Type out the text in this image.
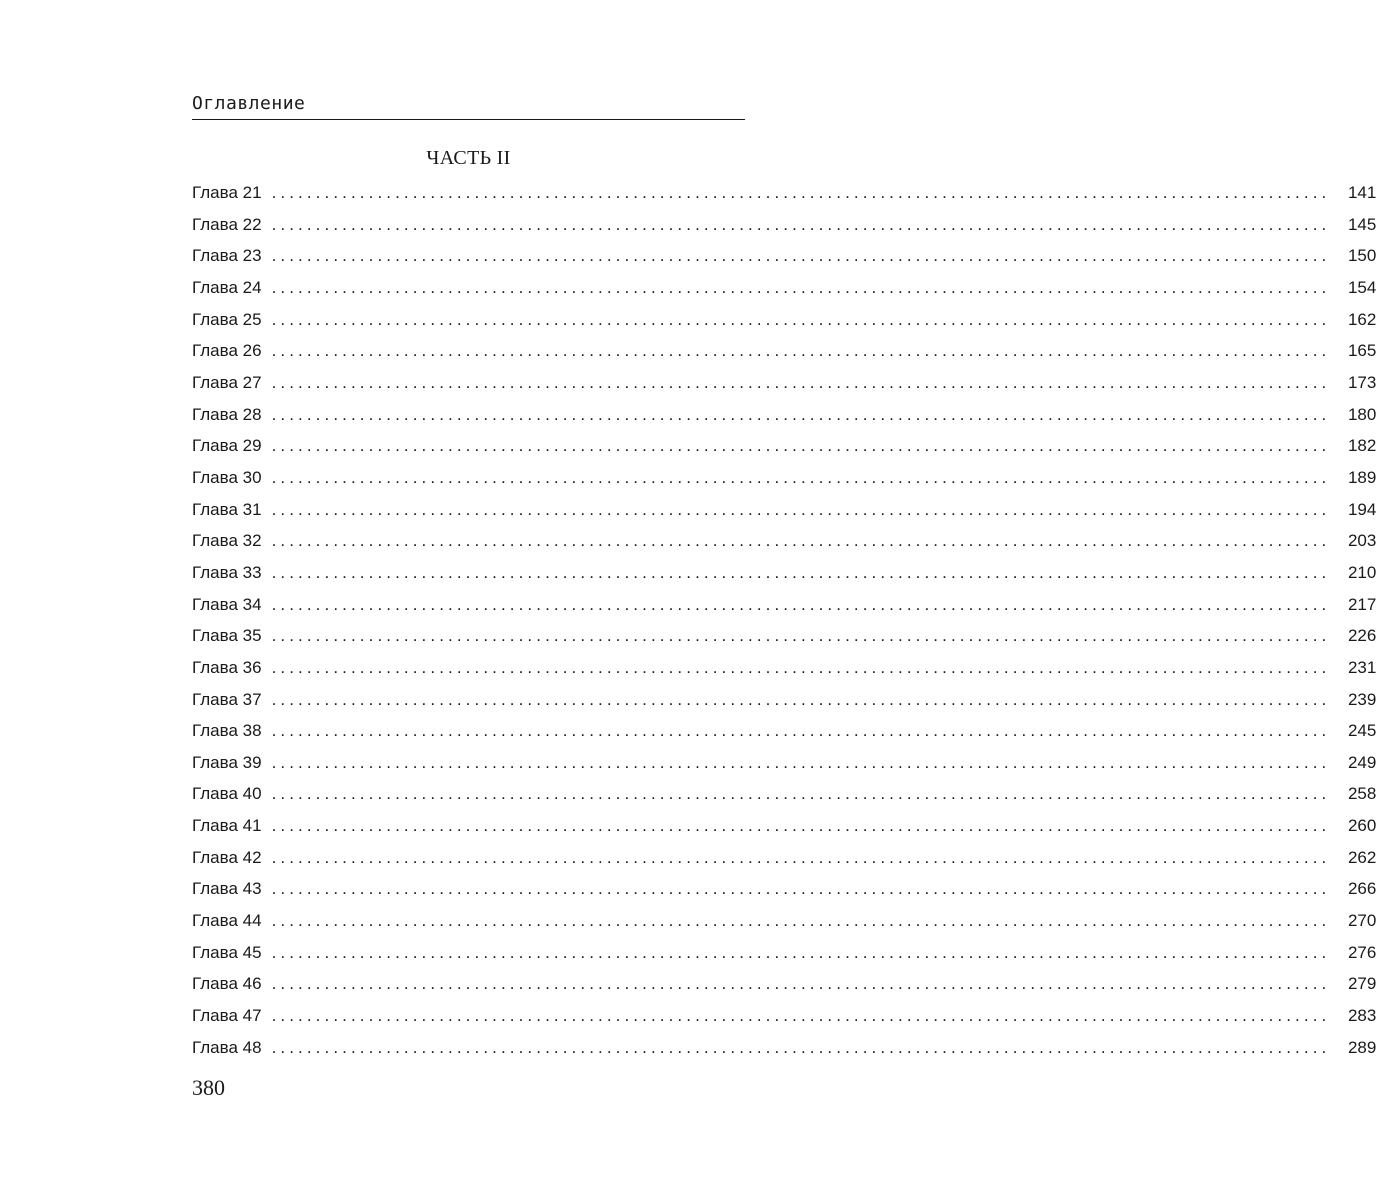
Оглавление
ЧАСТЬ II
Глава 21 ........................................................................................................................	141
Глава 22 ........................................................................................................................	145
Глава 23 ........................................................................................................................	150
Глава 24 ........................................................................................................................	154
Глава 25 ........................................................................................................................	162
Глава 26 ........................................................................................................................	165
Глава 27 ........................................................................................................................	173
Глава 28 ........................................................................................................................	180
Глава 29 ........................................................................................................................	182
Глава 30 ........................................................................................................................	189
Глава 31 ........................................................................................................................	194
Глава 32 ........................................................................................................................	203
Глава 33 ........................................................................................................................	210
Глава 34 ........................................................................................................................	217
Глава 35 ........................................................................................................................	226
Глава 36 ........................................................................................................................	231
Глава 37 ........................................................................................................................	239
Глава 38 ........................................................................................................................	245
Глава 39 ........................................................................................................................	249
Глава 40 ........................................................................................................................	258
Глава 41 ........................................................................................................................	260
Глава 42 ........................................................................................................................	262
Глава 43 ........................................................................................................................	266
Глава 44 ........................................................................................................................	270
Глава 45 ........................................................................................................................	276
Глава 46 ........................................................................................................................	279
Глава 47 ........................................................................................................................	283
Глава 48 ........................................................................................................................	289
380
